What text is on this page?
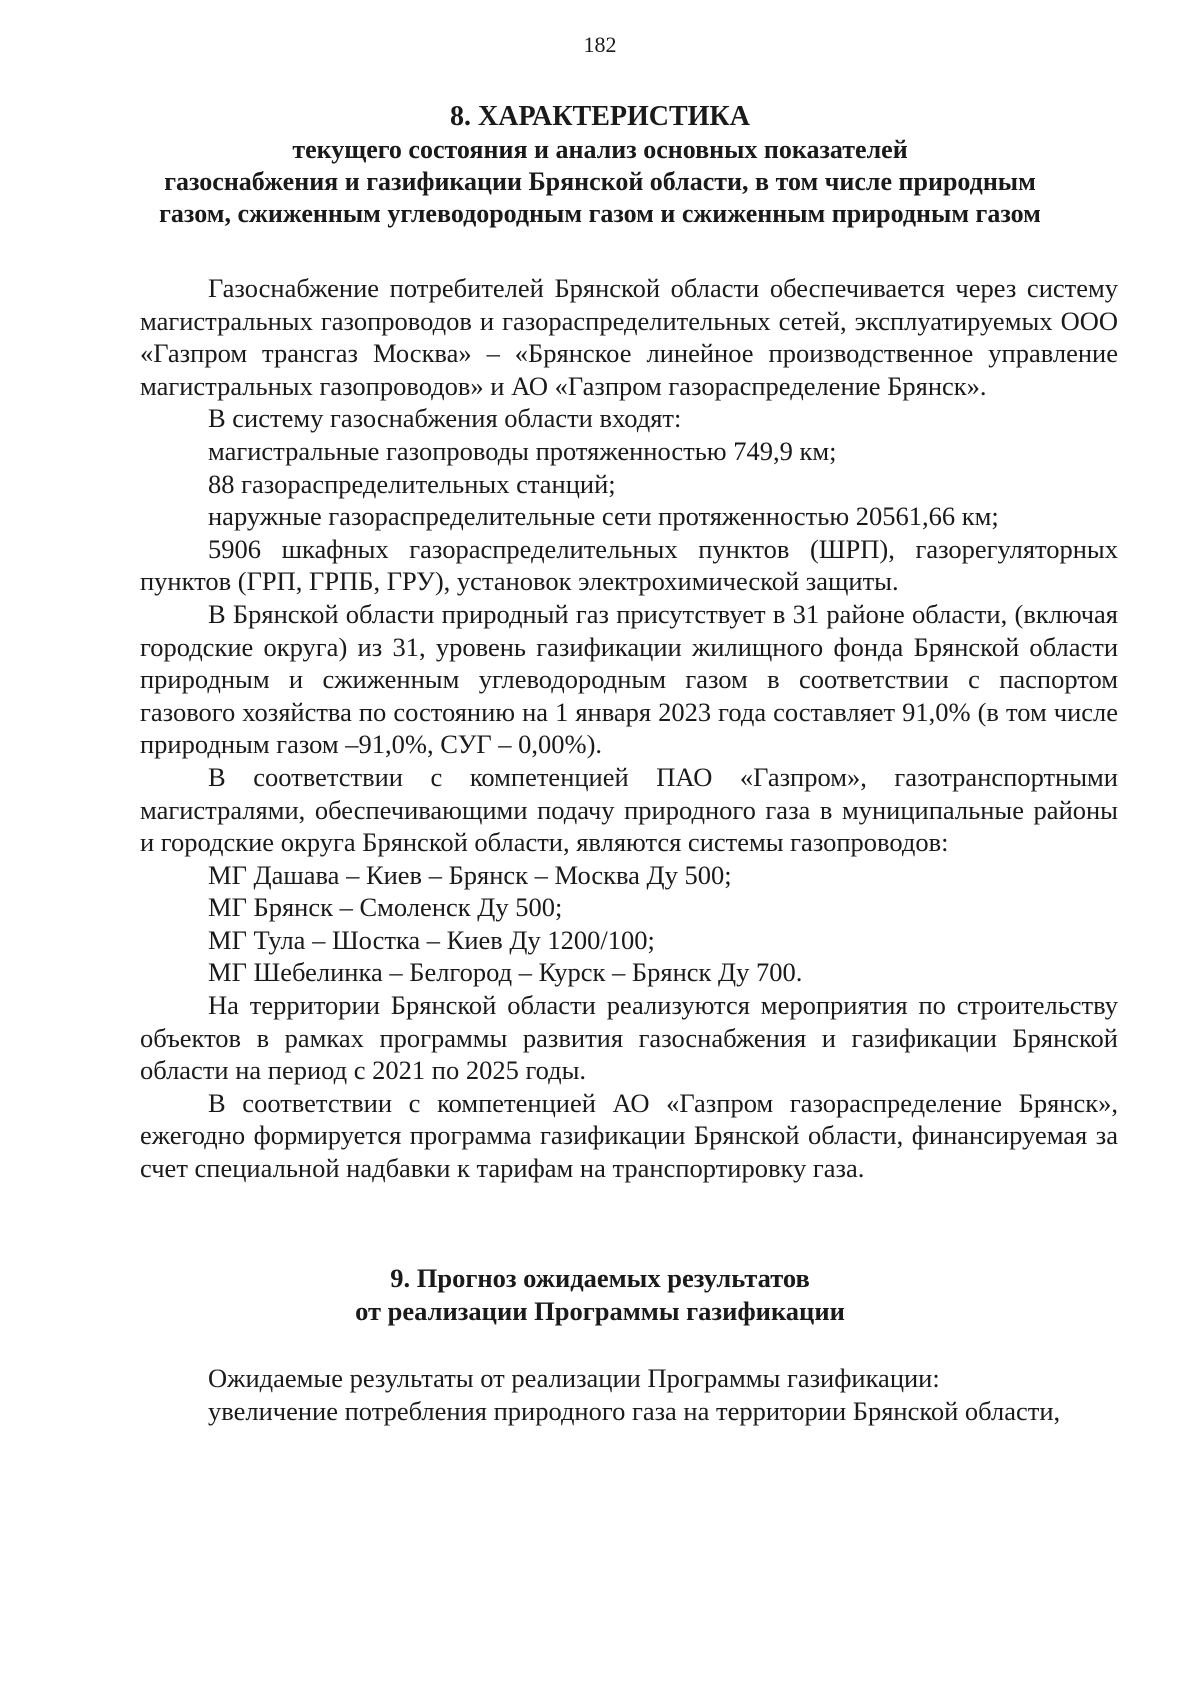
182
8. ХАРАКТЕРИСТИКА
текущего состояния и анализ основных показателей
газоснабжения и газификации Брянской области, в том числе природным
газом, сжиженным углеводородным газом и сжиженным природным газом

Газоснабжение потребителей Брянской области обеспечивается через систему магистральных газопроводов и газораспределительных сетей, эксплуатируемых ООО «Газпром трансгаз Москва» – «Брянское линейное производственное управление магистральных газопроводов» и АО «Газпром газораспределение Брянск».

В систему газоснабжения области входят:

магистральные газопроводы протяженностью 749,9 км;

88 газораспределительных станций;

наружные газораспределительные сети протяженностью 20561,66 км;

5906 шкафных газораспределительных пунктов (ШРП), газорегуляторных пунктов (ГРП, ГРПБ, ГРУ), установок электрохимической защиты.

В Брянской области природный газ присутствует в 31 районе области, (включая городские округа) из 31, уровень газификации жилищного фонда Брянской области природным и сжиженным углеводородным газом в соответствии с паспортом газового хозяйства по состоянию на 1 января 2023 года составляет 91,0% (в том числе природным газом –91,0%, СУГ – 0,00%).

В соответствии с компетенцией ПАО «Газпром», газотранспортными магистралями, обеспечивающими подачу природного газа в муниципальные районы и городские округа Брянской области, являются системы газопроводов:

МГ Дашава – Киев – Брянск – Москва Ду 500;

МГ Брянск – Смоленск Ду 500;

МГ Тула – Шостка – Киев Ду 1200/100;

МГ Шебелинка – Белгород – Курск – Брянск Ду 700.

На территории Брянской области реализуются мероприятия по строительству объектов в рамках программы развития газоснабжения и газификации Брянской области на период с 2021 по 2025 годы.

В соответствии с компетенцией АО «Газпром газораспределение Брянск», ежегодно формируется программа газификации Брянской области, финансируемая за счет специальной надбавки к тарифам на транспортировку газа.

9. Прогноз ожидаемых результатов
от реализации Программы газификации

Ожидаемые результаты от реализации Программы газификации:

увеличение потребления природного газа на территории Брянской области,
